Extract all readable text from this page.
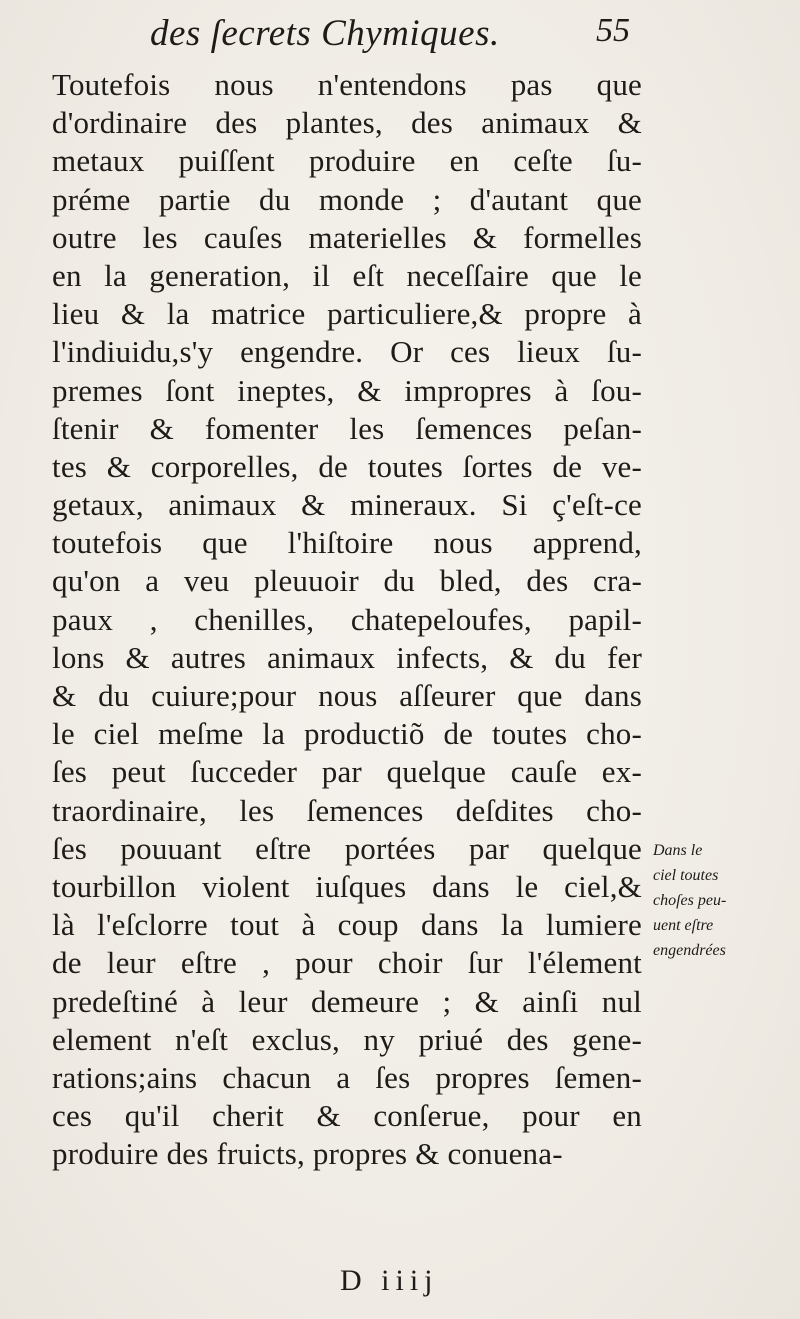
des ſecrets Chymiques.	55
Toutefois nous n'entendons pas que
d'ordinaire des plantes, des animaux &
metaux puiſſent produire en ceſte ſu-
préme partie du monde ; d'autant que
outre les cauſes materielles & formelles
en la generation, il eſt neceſſaire que le
lieu & la matrice particuliere,& propre à
l'indiuidu,s'y engendre. Or ces lieux ſu-
premes ſont ineptes, & impropres à ſou-
ſtenir & fomenter les ſemences peſan-
tes & corporelles, de toutes ſortes de ve-
getaux, animaux & mineraux. Si ç'eſt-ce
toutefois que l'hiſtoire nous apprend,
qu'on a veu pleuuoir du bled, des cra-
paux , chenilles, chatepeloufes, papil-
lons & autres animaux infects, & du fer
& du cuiure;pour nous aſſeurer que dans
le ciel meſme la productiõ de toutes cho-
ſes peut ſucceder par quelque cauſe ex-
traordinaire, les ſemences deſdites cho-
ſes pouuant eſtre portées par quelque
tourbillon violent iuſques dans le ciel,&
là l'eſclorre tout à coup dans la lumiere
de leur eſtre , pour choir ſur l'élement
predeſtiné à leur demeure ; & ainſi nul
element n'eſt exclus, ny priué des gene-
rations;ains chacun a ſes propres ſemen-
ces qu'il cherit & conſerue, pour en
produire des fruicts, propres & conuena-
Dans le
ciel toutes
choſes peu-
uent eſtre
engendrées
D iiij
